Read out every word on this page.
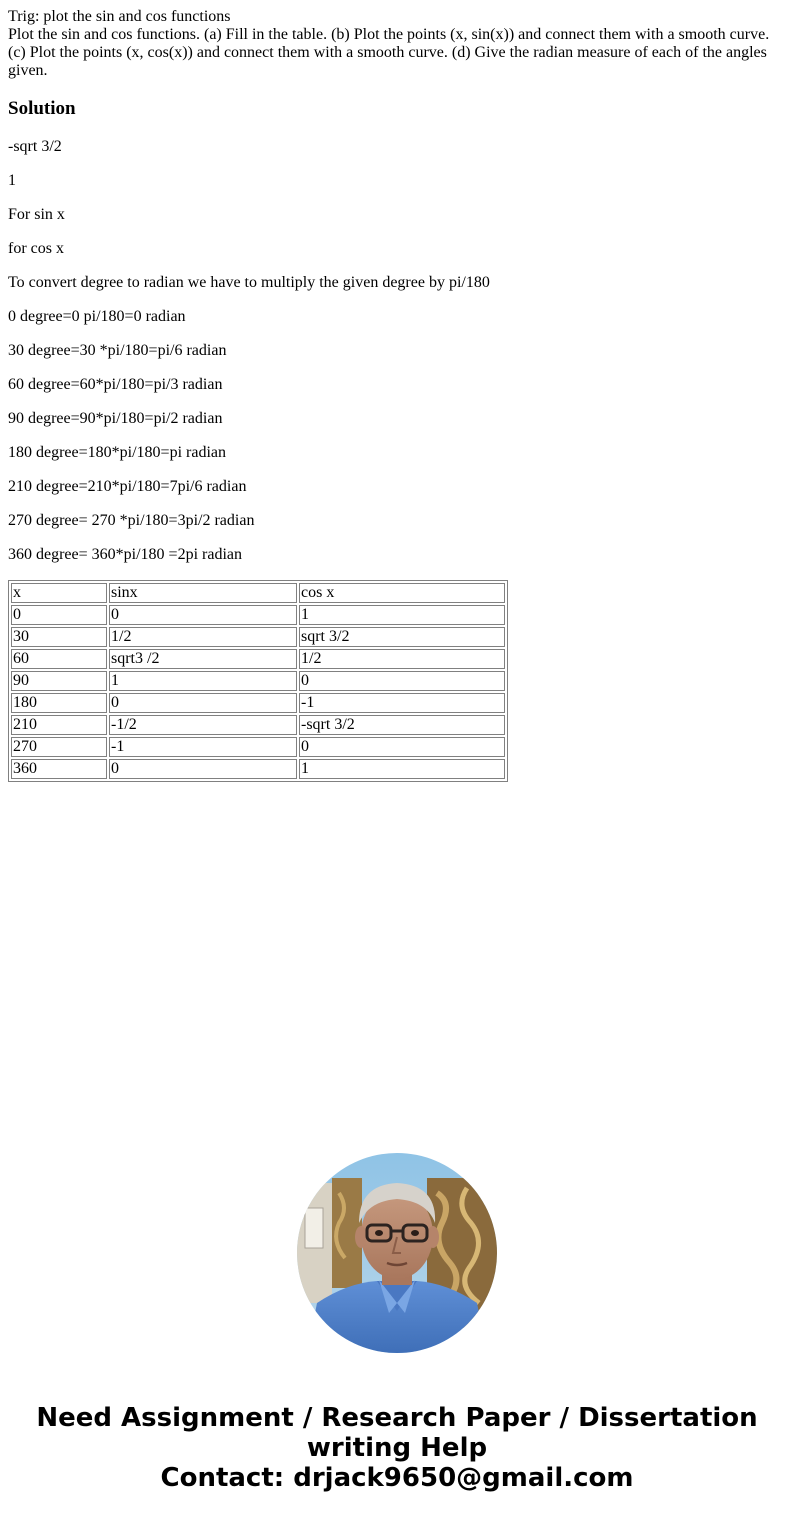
Trig: plot the sin and cos functions
Plot the sin and cos functions. (a) Fill in the table. (b) Plot the points (x, sin(x)) and connect them with a smooth curve. (c) Plot the points (x, cos(x)) and connect them with a smooth curve. (d) Give the radian measure of each of the angles given.
Solution

-sqrt 3/2

1

For sin x

for cos x

To convert degree to radian we have to multiply the given degree by pi/180

0 degree=0 pi/180=0 radian

30 degree=30 *pi/180=pi/6 radian

60 degree=60*pi/180=pi/3 radian

90 degree=90*pi/180=pi/2 radian

180 degree=180*pi/180=pi radian

210 degree=210*pi/180=7pi/6 radian

270 degree= 270 *pi/180=3pi/2 radian

360 degree= 360*pi/180 =2pi radian

x	sinx	cos x
0	0	1
30	1/2	sqrt 3/2
60	sqrt3 /2	1/2
90	1	0
180	0	-1
210	-1/2	-sqrt 3/2
270	-1	0
360	0	1
Need Assignment / Research Paper / Dissertation
writing Help
Contact: drjack9650@gmail.com
